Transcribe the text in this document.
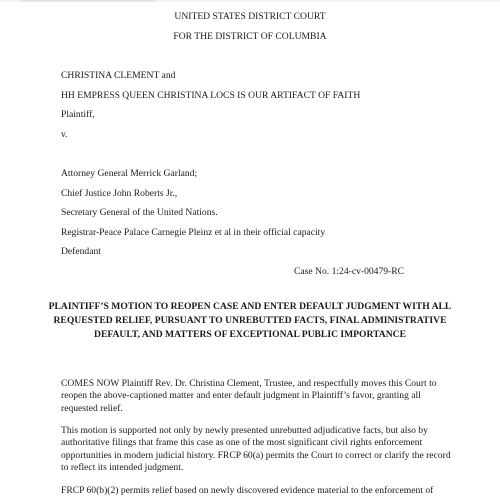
UNITED STATES DISTRICT COURT
FOR THE DISTRICT OF COLUMBIA
CHRISTINA CLEMENT and
HH EMPRESS QUEEN CHRISTINA LOCS IS OUR ARTIFACT OF FAITH
Plaintiff,
v.
Attorney General Merrick Garland;
Chief Justice John Roberts Jr.,
Secretary General of the United Nations.
Registrar-Peace Palace Carnegie Pleinz et al in their official capacity
Defendant
Case No. 1:24-cv-00479-RC
PLAINTIFF’S MOTION TO REOPEN CASE AND ENTER DEFAULT JUDGMENT WITH ALL REQUESTED RELIEF, PURSUANT TO UNREBUTTED FACTS, FINAL ADMINISTRATIVE DEFAULT, AND MATTERS OF EXCEPTIONAL PUBLIC IMPORTANCE
COMES NOW Plaintiff Rev. Dr. Christina Clement, Trustee, and respectfully moves this Court to reopen the above-captioned matter and enter default judgment in Plaintiff’s favor, granting all requested relief.
This motion is supported not only by newly presented unrebutted adjudicative facts, but also by authoritative filings that frame this case as one of the most significant civil rights enforcement opportunities in modern judicial history. FRCP 60(a) permits the Court to correct or clarify the record to reflect its intended judgment.
FRCP 60(b)(2) permits relief based on newly discovered evidence material to the enforcement of
